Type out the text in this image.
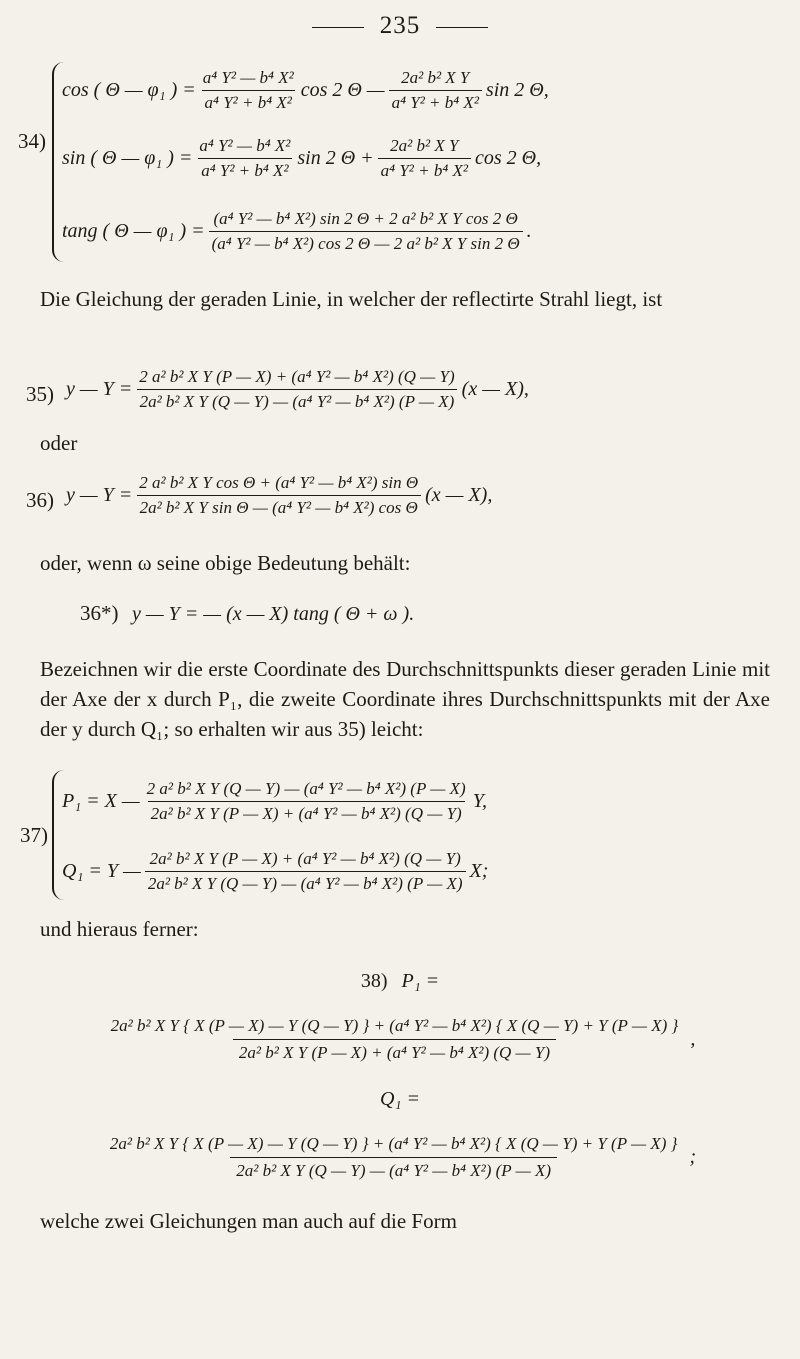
235
34)
cos ( Θ — φ₁ ) = $\frac{\text{a⁴ Y² — b⁴ X²}}{\text{a⁴ Y² + b⁴ X²}}$ cos 2 Θ — $\frac{\text{2a² b² X Y}}{\text{a⁴ Y² + b⁴ X²}}$ sin 2 Θ,
sin ( Θ — φ₁ ) = $\frac{\text{a⁴ Y² — b⁴ X²}}{\text{a⁴ Y² + b⁴ X²}}$ sin 2 $\Theta + \frac{\text{2a² b² X Y}}{\text{a⁴ Y² + b⁴ X²}}$ cos 2 Θ,
tang ( Θ — φ₁ ) = $\frac{\text{(a⁴ Y² — b⁴ X²) sin 2 Θ + 2 a² b² X Y cos 2 Θ}}{\text{(a⁴ Y² — b⁴ X²) cos 2 Θ — 2 a² b² X Y sin 2 Θ}}$ .
Die Gleichung der geraden Linie, in welcher der reflectirte Strahl liegt, ist
35) y — $Y = \frac{\text{2 a² b² X Y (P — X) + (a⁴ Y² — b⁴ X²) (Q — Y)}}{\text{2a² b² X Y (Q — Y) — (a⁴ Y² — b⁴ X²) (P — X)}} (x$ — X),
oder
36) y — $Y = \frac{\text{2 a² b² X Y cos Θ + (a⁴ Y² — b⁴ X²) sin Θ}}{\text{2a² b² X Y sin Θ — (a⁴ Y² — b⁴ X²) cos Θ}} (x$ — X),
oder, wenn ω seine obige Bedeutung behält:
36*) y — Y = — (x — X) tang ( Θ + ω ).
Bezeichnen wir die erste Coordinate des Durchschnittspunkts dieser geraden Linie mit der Axe der x durch P₁, die zweite Coordinate ihres Durchschnittspunkts mit der Axe der y durch Q₁; so erhalten wir aus 35) leicht:
37)
P₁ = X — $\frac{\text{2 a² b² X Y (Q — Y) — (a⁴ Y² — b⁴ X²) (P — X)}}{\text{2a² b² X Y (P — X) + (a⁴ Y² — b⁴ X²) (Q — Y)}} Y$,
Q₁ = Y — $\frac{\text{2a² b² X Y (P — X) + (a⁴ Y² — b⁴ X²) (Q — Y)}}{\text{2a² b² X Y (Q — Y) — (a⁴ Y² — b⁴ X²) (P — X)}} X$;
und hieraus ferner:
38) P₁ =
2a² b² X Y { X (P — X) — Y (Q — Y) } + (a⁴ Y² — b⁴ X²) { X (Q — Y) + Y (P — X) }
2a² b² X Y (P — X) + (a⁴ Y² — b⁴ X²) (Q — Y)
,
Q₁ =
2a² b² X Y { X (P — X) — Y (Q — Y) } + (a⁴ Y² — b⁴ X²) { X (Q — Y) + Y (P — X) }
2a² b² X Y (Q — Y) — (a⁴ Y² — b⁴ X²) (P — X)
;
welche zwei Gleichungen man auch auf die Form
